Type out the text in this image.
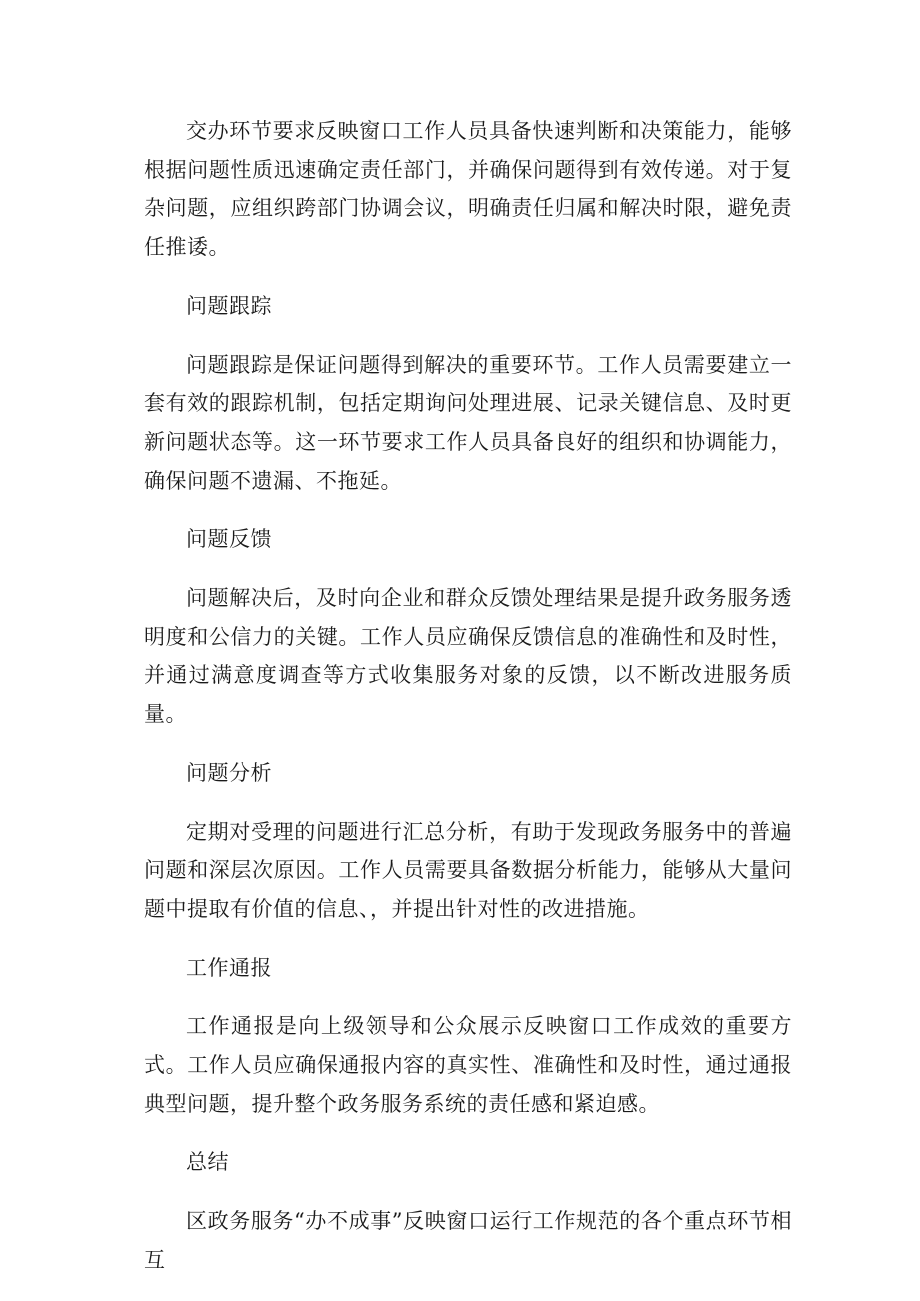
交办环节要求反映窗口工作人员具备快速判断和决策能力，能够根据问题性质迅速确定责任部门，并确保问题得到有效传递。对于复杂问题，应组织跨部门协调会议，明确责任归属和解决时限，避免责任推诿。

问题跟踪

问题跟踪是保证问题得到解决的重要环节。工作人员需要建立一套有效的跟踪机制，包括定期询问处理进展、记录关键信息、及时更新问题状态等。这一环节要求工作人员具备良好的组织和协调能力，确保问题不遗漏、不拖延。

问题反馈

问题解决后，及时向企业和群众反馈处理结果是提升政务服务透明度和公信力的关键。工作人员应确保反馈信息的准确性和及时性，并通过满意度调查等方式收集服务对象的反馈，以不断改进服务质量。

问题分析

定期对受理的问题进行汇总分析，有助于发现政务服务中的普遍问题和深层次原因。工作人员需要具备数据分析能力，能够从大量问题中提取有价值的信息、，并提出针对性的改进措施。

工作通报

工作通报是向上级领导和公众展示反映窗口工作成效的重要方式。工作人员应确保通报内容的真实性、准确性和及时性，通过通报典型问题，提升整个政务服务系统的责任感和紧迫感。

总结

区政务服务“办不成事”反映窗口运行工作规范的各个重点环节相互
